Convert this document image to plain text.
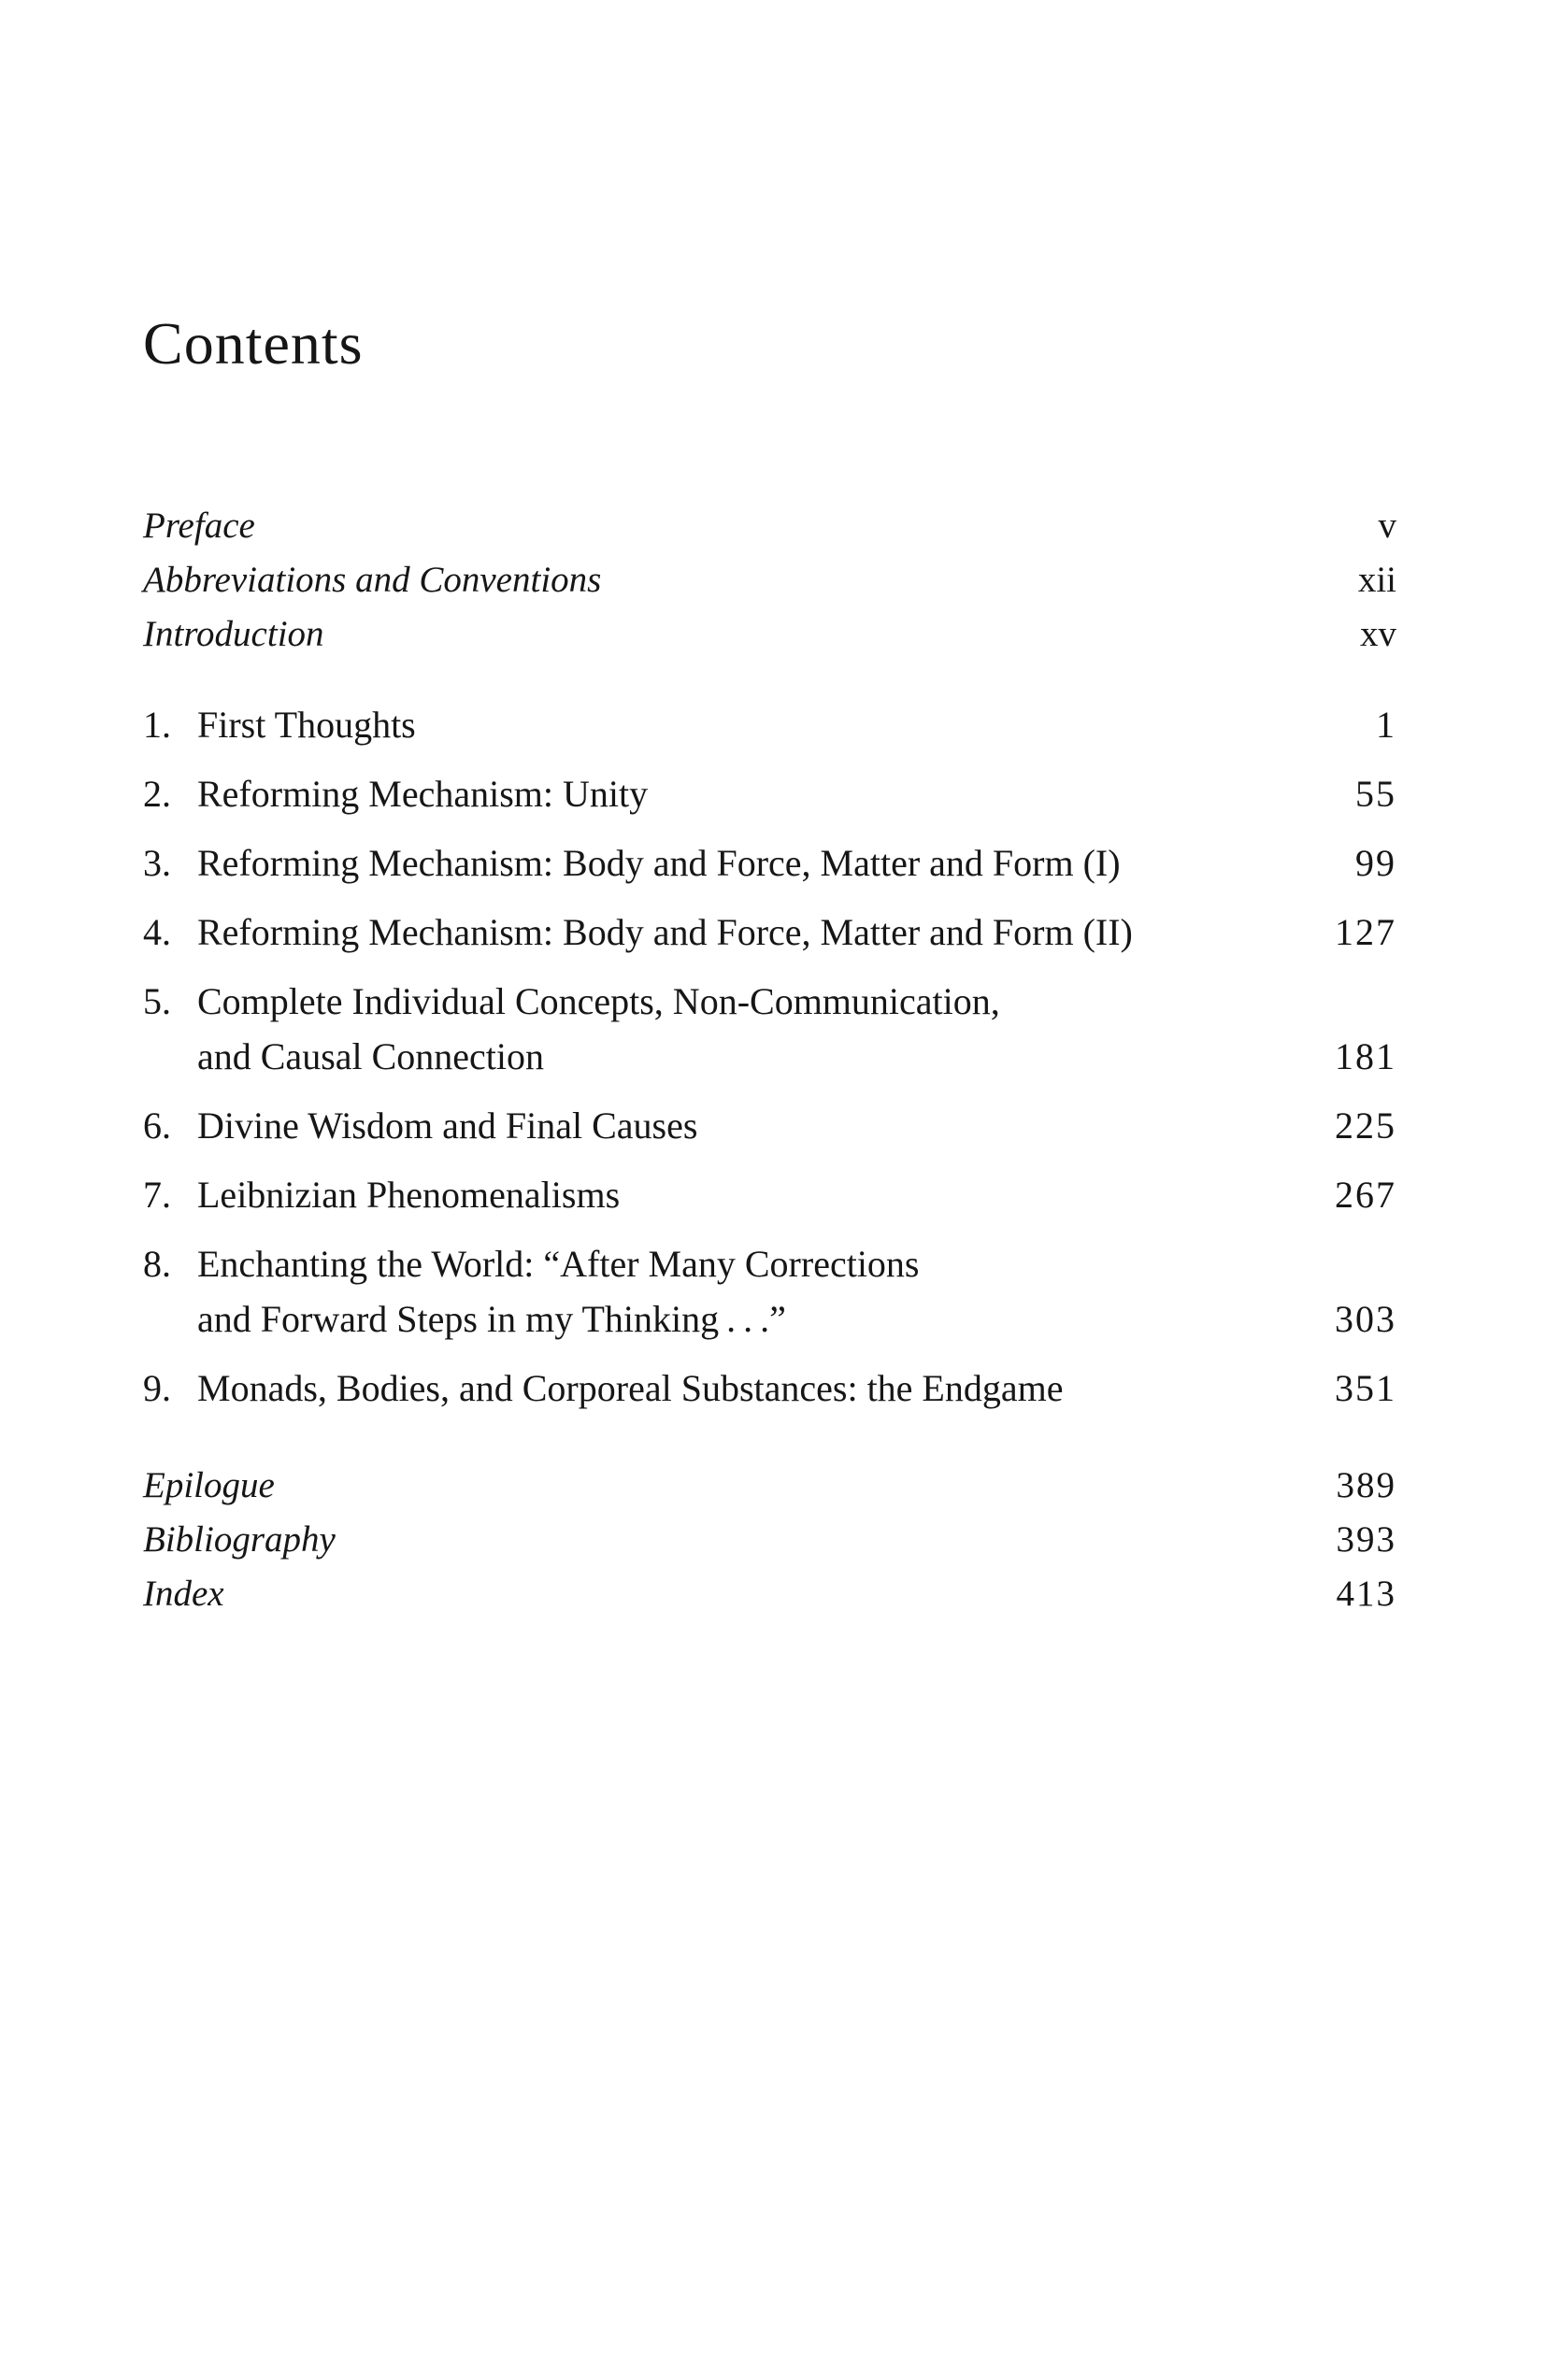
Contents
Preface	v
Abbreviations and Conventions	xii
Introduction	xv
1. First Thoughts	1
2. Reforming Mechanism: Unity	55
3. Reforming Mechanism: Body and Force, Matter and Form (I)	99
4. Reforming Mechanism: Body and Force, Matter and Form (II)	127
5. Complete Individual Concepts, Non-Communication,
and Causal Connection	181
6. Divine Wisdom and Final Causes	225
7. Leibnizian Phenomenalisms	267
8. Enchanting the World: “After Many Corrections
and Forward Steps in my Thinking . . .”	303
9. Monads, Bodies, and Corporeal Substances: the Endgame	351
Epilogue	389
Bibliography	393
Index	413
